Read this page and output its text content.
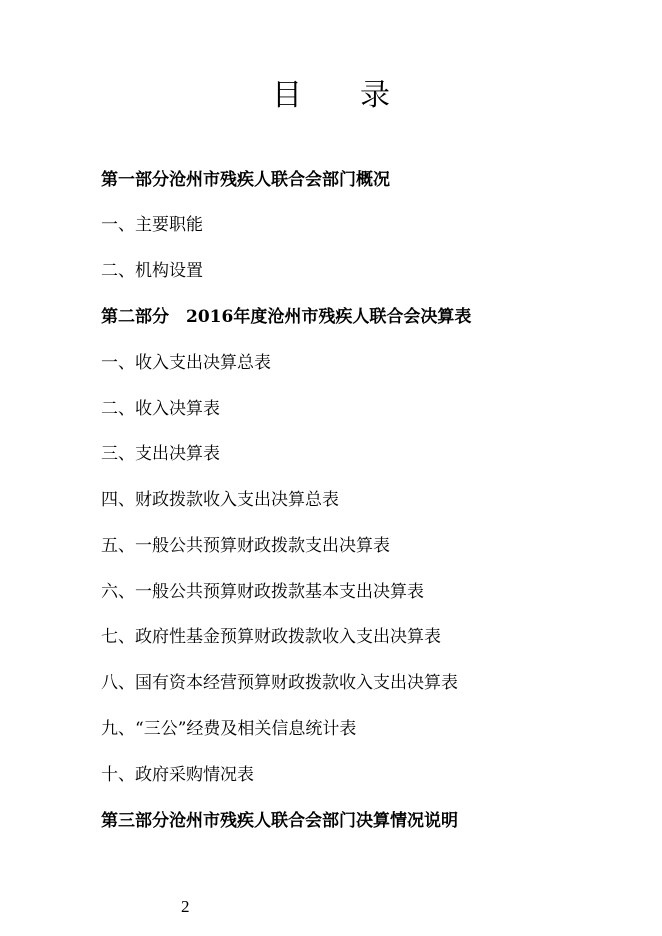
目 录
第一部分沧州市残疾人联合会部门概况
一、主要职能
二、机构设置
第二部分　2016年度沧州市残疾人联合会决算表
一、收入支出决算总表
二、收入决算表
三、支出决算表
四、财政拨款收入支出决算总表
五、一般公共预算财政拨款支出决算表
六、一般公共预算财政拨款基本支出决算表
七、政府性基金预算财政拨款收入支出决算表
八、国有资本经营预算财政拨款收入支出决算表
九、“三公”经费及相关信息统计表
十、政府采购情况表
第三部分沧州市残疾人联合会部门决算情况说明
2
